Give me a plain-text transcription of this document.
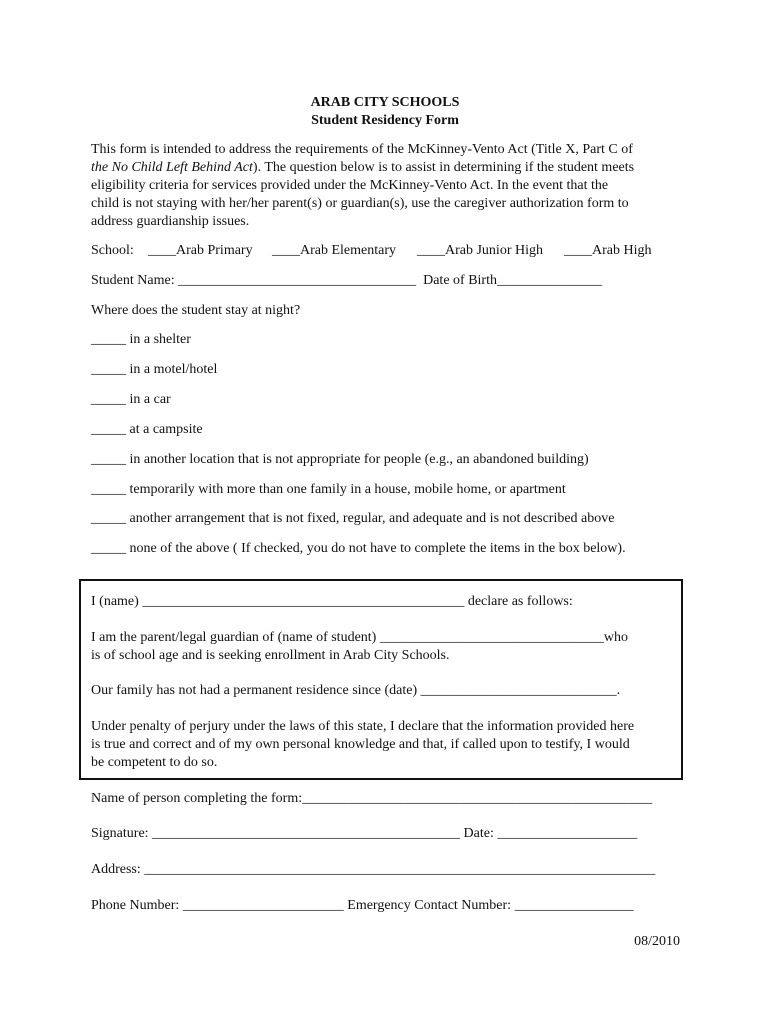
ARAB CITY SCHOOLS
Student Residency Form
This form is intended to address the requirements of the McKinney-Vento Act (Title X, Part C of
the No Child Left Behind Act). The question below is to assist in determining if the student meets
eligibility criteria for services provided under the McKinney-Vento Act. In the event that the
child is not staying with her/her parent(s) or guardian(s), use the caregiver authorization form to
address guardianship issues.
School: ____Arab Primary ____Arab Elementary ____Arab Junior High ____Arab High
Student Name: __________________________________ Date of Birth_______________
Where does the student stay at night?
_____ in a shelter
_____ in a motel/hotel
_____ in a car
_____ at a campsite
_____ in another location that is not appropriate for people (e.g., an abandoned building)
_____ temporarily with more than one family in a house, mobile home, or apartment
_____ another arrangement that is not fixed, regular, and adequate and is not described above
_____ none of the above ( If checked, you do not have to complete the items in the box below).
I (name) ______________________________________________ declare as follows:
I am the parent/legal guardian of (name of student) ________________________________who
is of school age and is seeking enrollment in Arab City Schools.
Our family has not had a permanent residence since (date) ____________________________.
Under penalty of perjury under the laws of this state, I declare that the information provided here
is true and correct and of my own personal knowledge and that, if called upon to testify, I would
be competent to do so.
Name of person completing the form:__________________________________________________
Signature: ____________________________________________ Date: ____________________
Address: _________________________________________________________________________
Phone Number: _______________________ Emergency Contact Number: _________________
08/2010
